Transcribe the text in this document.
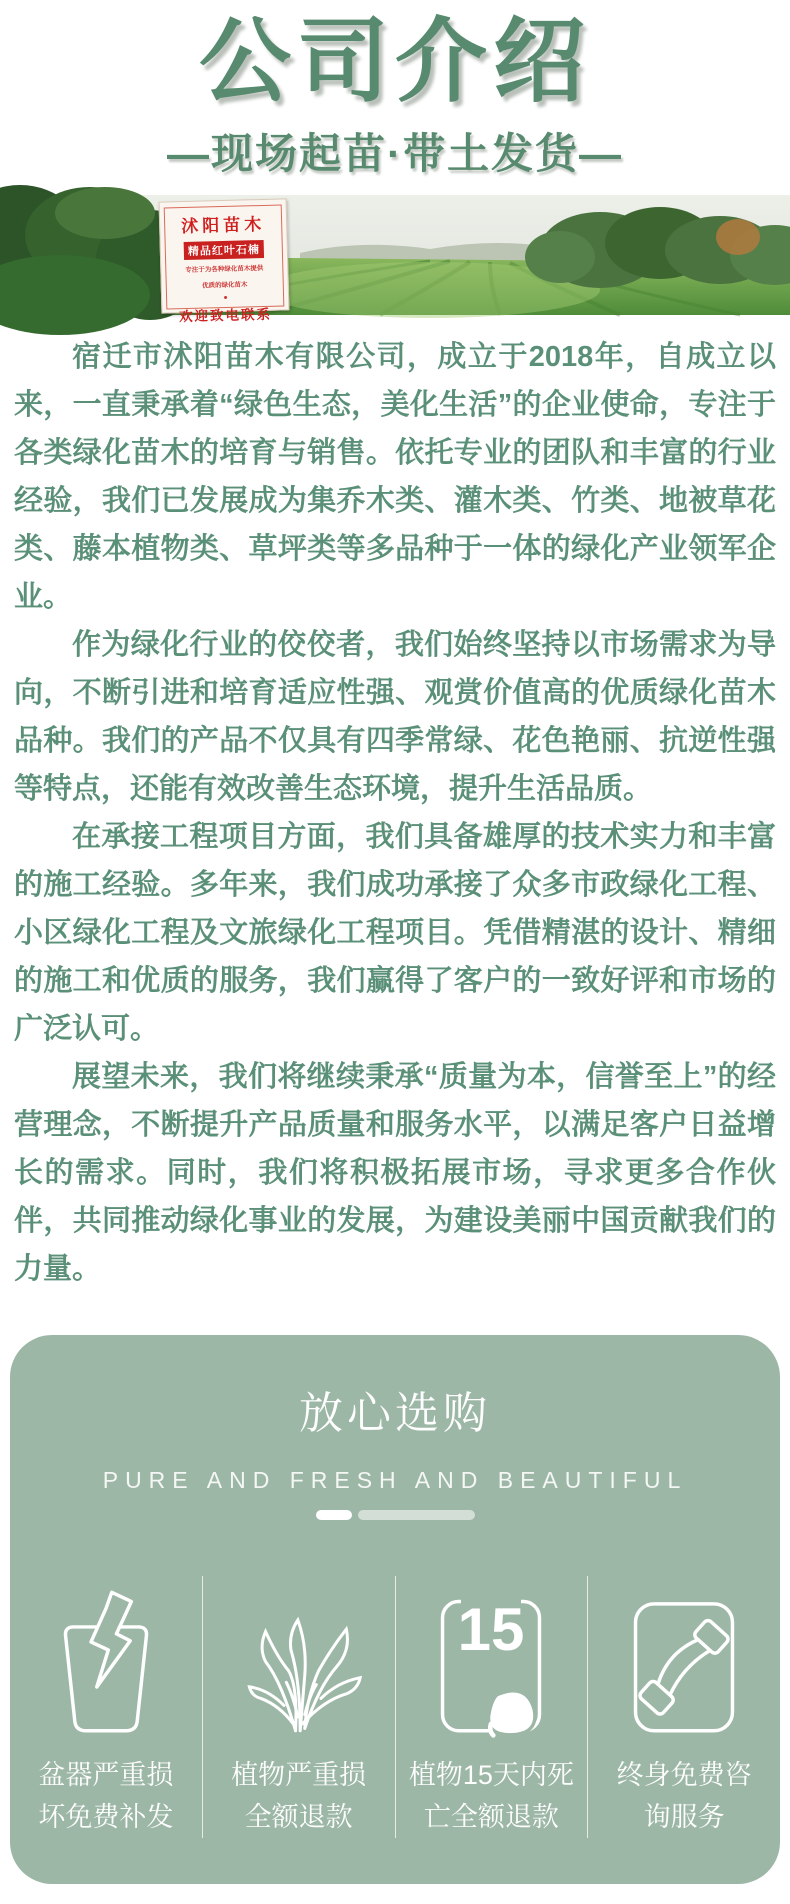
公司介绍
—现场起苗·带土发货—
沭阳苗木
精品红叶石楠
专注于为各种绿化苗木提供
优质的绿化苗木
欢迎致电联系

宿迁市沭阳苗木有限公司，成立于2018年，自成立以来，一直秉承着“绿色生态，美化生活”的企业使命，专注于各类绿化苗木的培育与销售。依托专业的团队和丰富的行业经验，我们已发展成为集乔木类、灌木类、竹类、地被草花类、藤本植物类、草坪类等多品种于一体的绿化产业领军企业。

作为绿化行业的佼佼者，我们始终坚持以市场需求为导向，不断引进和培育适应性强、观赏价值高的优质绿化苗木品种。我们的产品不仅具有四季常绿、花色艳丽、抗逆性强等特点，还能有效改善生态环境，提升生活品质。

在承接工程项目方面，我们具备雄厚的技术实力和丰富的施工经验。多年来，我们成功承接了众多市政绿化工程、小区绿化工程及文旅绿化工程项目。凭借精湛的设计、精细的施工和优质的服务，我们赢得了客户的一致好评和市场的广泛认可。

展望未来，我们将继续秉承“质量为本，信誉至上”的经营理念，不断提升产品质量和服务水平，以满足客户日益增长的需求。同时，我们将积极拓展市场，寻求更多合作伙伴，共同推动绿化事业的发展，为建设美丽中国贡献我们的力量。

放心选购
PURE AND FRESH AND BEAUTIFUL
盆器严重损
坏免费补发
植物严重损
全额退款
15
植物15天内死
亡全额退款
终身免费咨
询服务
